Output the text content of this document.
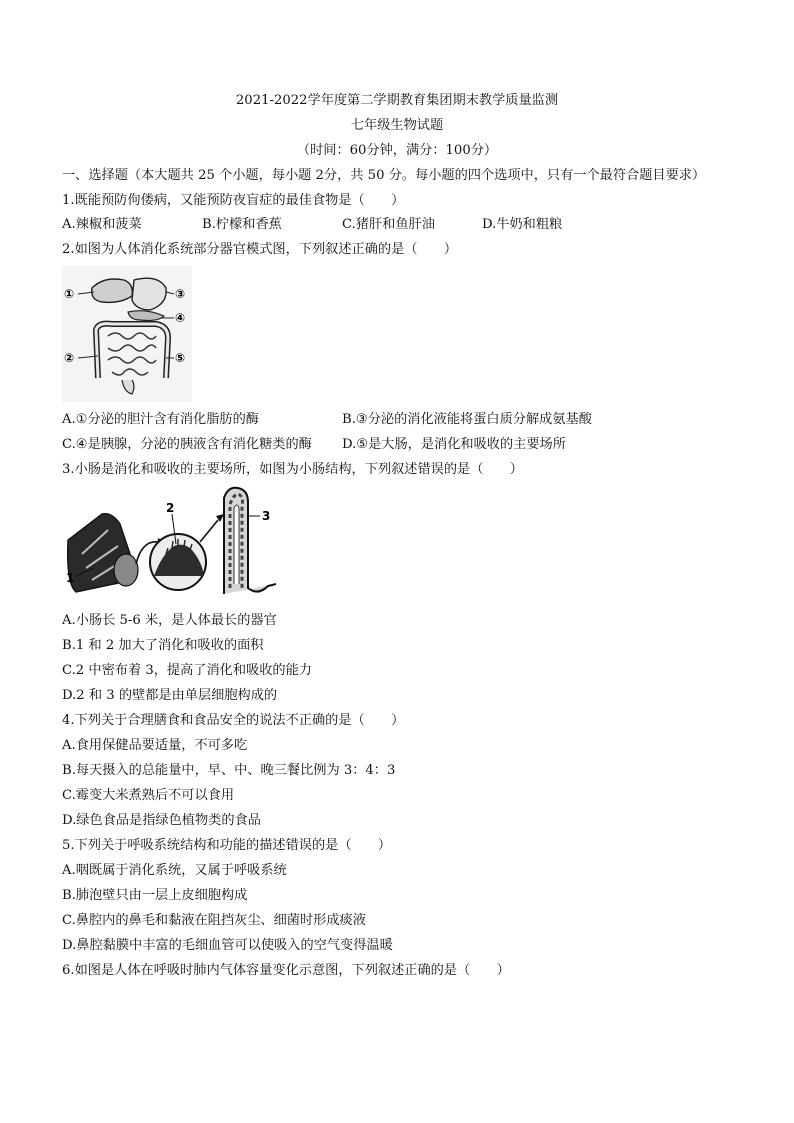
2021-2022学年度第二学期教育集团期末教学质量监测
七年级生物试题
（时间：60分钟，满分：100分）
一、选择题（本大题共 25 个小题，每小题 2分，共 50 分。每小题的四个选项中，只有一个最符合题目要求）
1.既能预防佝偻病，又能预防夜盲症的最佳食物是（　　）
A.辣椒和菠菜	B.柠檬和香蕉	C.猪肝和鱼肝油	D.牛奶和粗粮
2.如图为人体消化系统部分器官模式图，下列叙述正确的是（　　）
①
②
③
④
⑤
A.①分泌的胆汁含有消化脂肪的酶	B.③分泌的消化液能将蛋白质分解成氨基酸
C.④是胰腺，分泌的胰液含有消化糖类的酶 D.⑤是大肠，是消化和吸收的主要场所
3.小肠是消化和吸收的主要场所，如图为小肠结构，下列叙述错误的是（　　）
1
2
3
A.小肠长 5-6 米，是人体最长的器官
B.1 和 2 加大了消化和吸收的面积
C.2 中密布着 3，提高了消化和吸收的能力
D.2 和 3 的壁都是由单层细胞构成的
4.下列关于合理膳食和食品安全的说法不正确的是（　　）
A.食用保健品要适量，不可多吃
B.每天摄入的总能量中，早、中、晚三餐比例为 3：4：3
C.霉变大米煮熟后不可以食用
D.绿色食品是指绿色植物类的食品
5.下列关于呼吸系统结构和功能的描述错误的是（　　）
A.咽既属于消化系统，又属于呼吸系统
B.肺泡壁只由一层上皮细胞构成
C.鼻腔内的鼻毛和黏液在阻挡灰尘、细菌时形成痰液
D.鼻腔黏膜中丰富的毛细血管可以使吸入的空气变得温暖
6.如图是人体在呼吸时肺内气体容量变化示意图，下列叙述正确的是（　　）
